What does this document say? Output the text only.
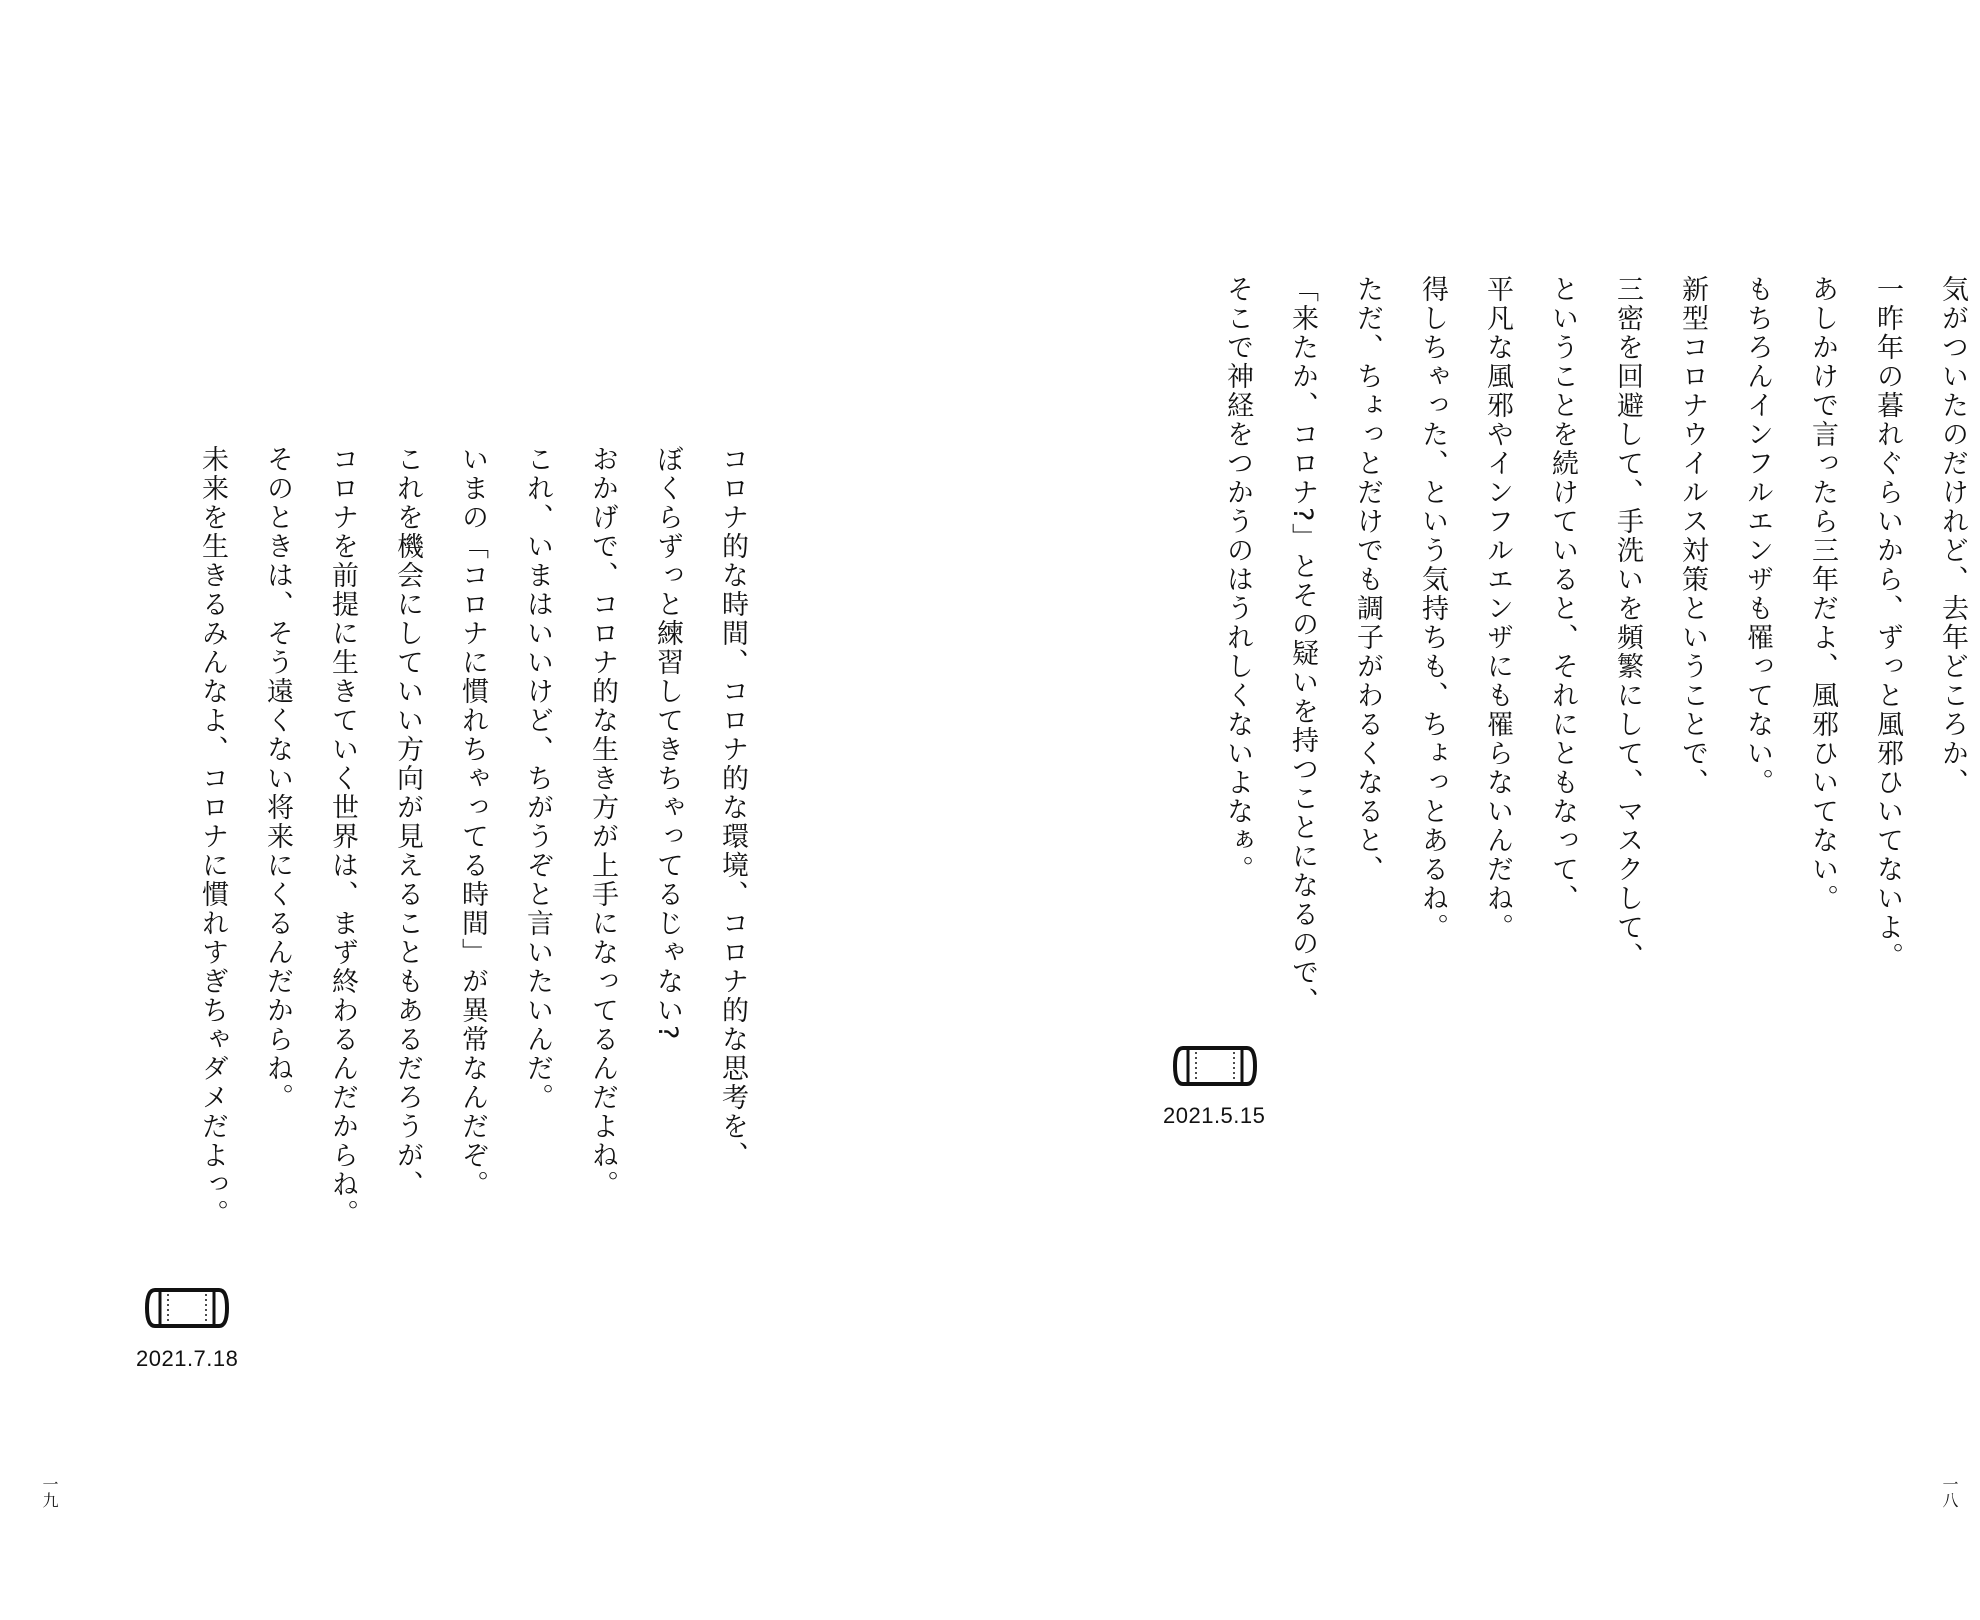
気がついたのだけれど、去年どころか、
一昨年の暮れぐらいから、ずっと風邪ひいてないよ。
あしかけで言ったら三年だよ、風邪ひいてない。
もちろんインフルエンザも罹ってない。
新型コロナウイルス対策ということで、
三密を回避して、手洗いを頻繁にして、マスクして、
ということを続けていると、それにともなって、
平凡な風邪やインフルエンザにも罹らないんだね。
得しちゃった、という気持ちも、ちょっとあるね。
ただ、ちょっとだけでも調子がわるくなると、
「来たか、コロナ?」とその疑いを持つことになるので、
そこで神経をつかうのはうれしくないよなぁ。
2021.5.15
一八
コロナ的な時間、コロナ的な環境、コロナ的な思考を、
ぼくらずっと練習してきちゃってるじゃない?
おかげで、コロナ的な生き方が上手になってるんだよね。
これ、いまはいいけど、ちがうぞと言いたいんだ。
いまの「コロナに慣れちゃってる時間」が異常なんだぞ。
これを機会にしていい方向が見えることもあるだろうが、
コロナを前提に生きていく世界は、まず終わるんだからね。
そのときは、そう遠くない将来にくるんだからね。
未来を生きるみんなよ、コロナに慣れすぎちゃダメだよっ。
2021.7.18
一九
